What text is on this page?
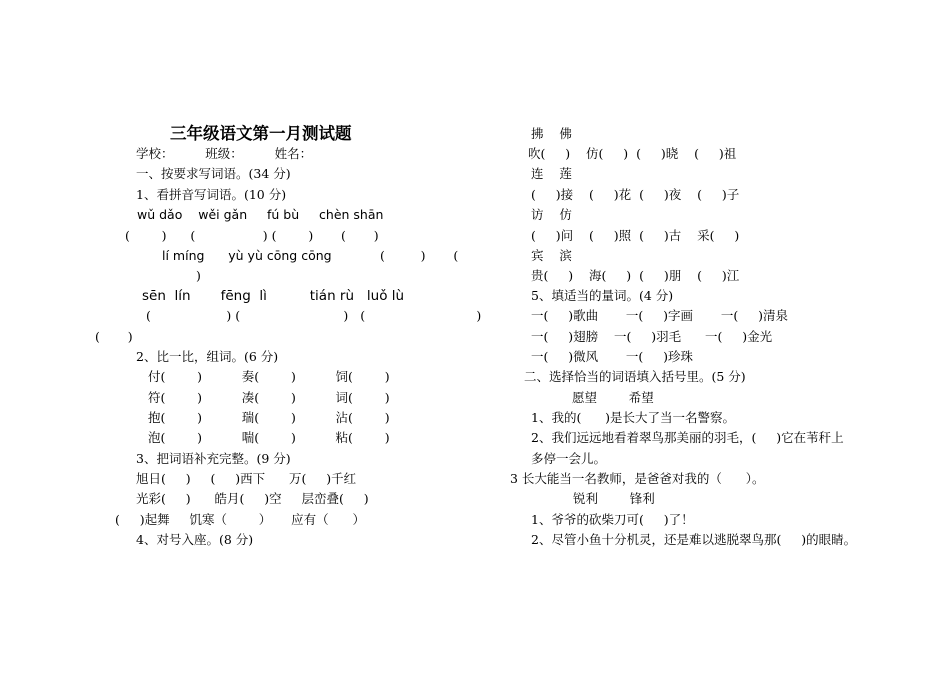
三年级语文第一月测试题
学校：        班级：        姓名：
一、按要求写词语。(34 分)
1、看拼音写词语。(10 分)
wǔ dǎo    wěi gǎn     fú bù     chèn shān
(        )      (                 ) (        )       (       )
lí míng      yù yù cōng cōng	(         )       (
)
sēn  lín       fēng  lì          tián rù   luǒ lù
(                   ) (                          )   (                            )
(       )
2、比一比，组词。(6 分)
付(        )          奏(        )          饲(        )
符(        )          凑(        )          词(        )
抱(        )          瑞(        )          沾(        )
泡(        )          喘(        )          粘(        )
3、把词语补充完整。(9 分)
旭日(     )     (     )西下      万(     )千红
光彩(     )      皓月(     )空     层峦叠(     )
(     )起舞     饥寒（        ）     应有（      ）
4、对号入座。(8 分)
拂    佛
吹(     )    仿(     )  (     )晓    (     )祖
连    莲
(     )接    (     )花  (     )夜    (     )子
访    仿
(     )问    (     )照  (     )古    采(     )
宾    滨
贵(     )    海(     )  (     )朋    (     )江
5、填适当的量词。(4 分)
一(     )歌曲       一(     )字画       一(     )清泉
一(     )翅膀    一(     )羽毛      一(     )金光
一(     )微风       一(     )珍珠
二、选择恰当的词语填入括号里。(5 分)
愿望        希望
1、我的(      )是长大了当一名警察。
2、我们远远地看着翠鸟那美丽的羽毛，(     )它在苇秆上
多停一会儿。
3 长大能当一名教师，是爸爸对我的（      ）。
锐利        锋利
1、爷爷的砍柴刀可(     )了！
2、尽管小鱼十分机灵，还是难以逃脱翠鸟那(     )的眼睛。
